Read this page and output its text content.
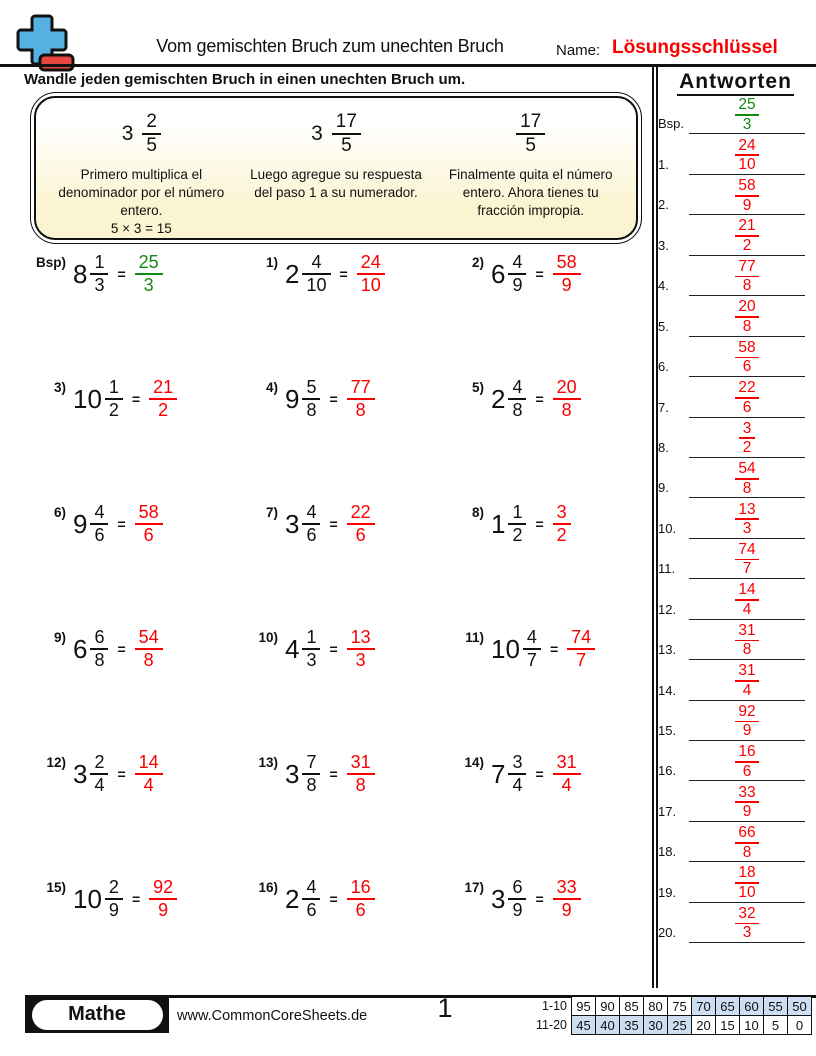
Vom gemischten Bruch zum unechten Bruch	Name: Lösungsschlüssel
Wandle jeden gemischten Bruch in einen unechten Bruch um.
$3 \frac{2}{5}$
Primero multiplica el denominador por el número entero.
5 × 3 = 15
$3 \frac{17}{5}$
Luego agregue su respuesta del paso 1 a su numerador.
$\frac{17}{5}$
Finalmente quita el número entero. Ahora tienes tu fracción impropia.
Bsp) $8 \frac{1}{3} = \frac{25}{3}$	1) $2 \frac{4}{10} = \frac{24}{10}$	2) $6 \frac{4}{9} = \frac{58}{9}$
3) $10 \frac{1}{2} = \frac{21}{2}$	4) $9 \frac{5}{8} = \frac{77}{8}$	5) $2 \frac{4}{8} = \frac{20}{8}$
6) $9 \frac{4}{6} = \frac{58}{6}$	7) $3 \frac{4}{6} = \frac{22}{6}$	8) $1 \frac{1}{2} = \frac{3}{2}$
9) $6 \frac{6}{8} = \frac{54}{8}$	10) $4 \frac{1}{3} = \frac{13}{3}$	11) $10 \frac{4}{7} = \frac{74}{7}$
12) $3 \frac{2}{4} = \frac{14}{4}$	13) $3 \frac{7}{8} = \frac{31}{8}$	14) $7 \frac{3}{4} = \frac{31}{4}$
15) $10 \frac{2}{9} = \frac{92}{9}$	16) $2 \frac{4}{6} = \frac{16}{6}$	17) $3 \frac{6}{9} = \frac{33}{9}$
Antworten
Bsp.	$\frac{25}{3}$
1.	$\frac{24}{10}$
2.	$\frac{58}{9}$
3.	$\frac{21}{2}$
4.	$\frac{77}{8}$
5.	$\frac{20}{8}$
6.	$\frac{58}{6}$
7.	$\frac{22}{6}$
8.	$\frac{3}{2}$
9.	$\frac{54}{8}$
10.	$\frac{13}{3}$
11.	$\frac{74}{7}$
12.	$\frac{14}{4}$
13.	$\frac{31}{8}$
14.	$\frac{31}{4}$
15.	$\frac{92}{9}$
16.	$\frac{16}{6}$
17.	$\frac{33}{9}$
18.	$\frac{66}{8}$
19.	$\frac{18}{10}$
20.	$\frac{32}{3}$
Mathe	www.CommonCoreSheets.de	1	1-10 95 90 85 80 75 70 65 60 55 50
11-20 45 40 35 30 25 20 15 10	5	0
